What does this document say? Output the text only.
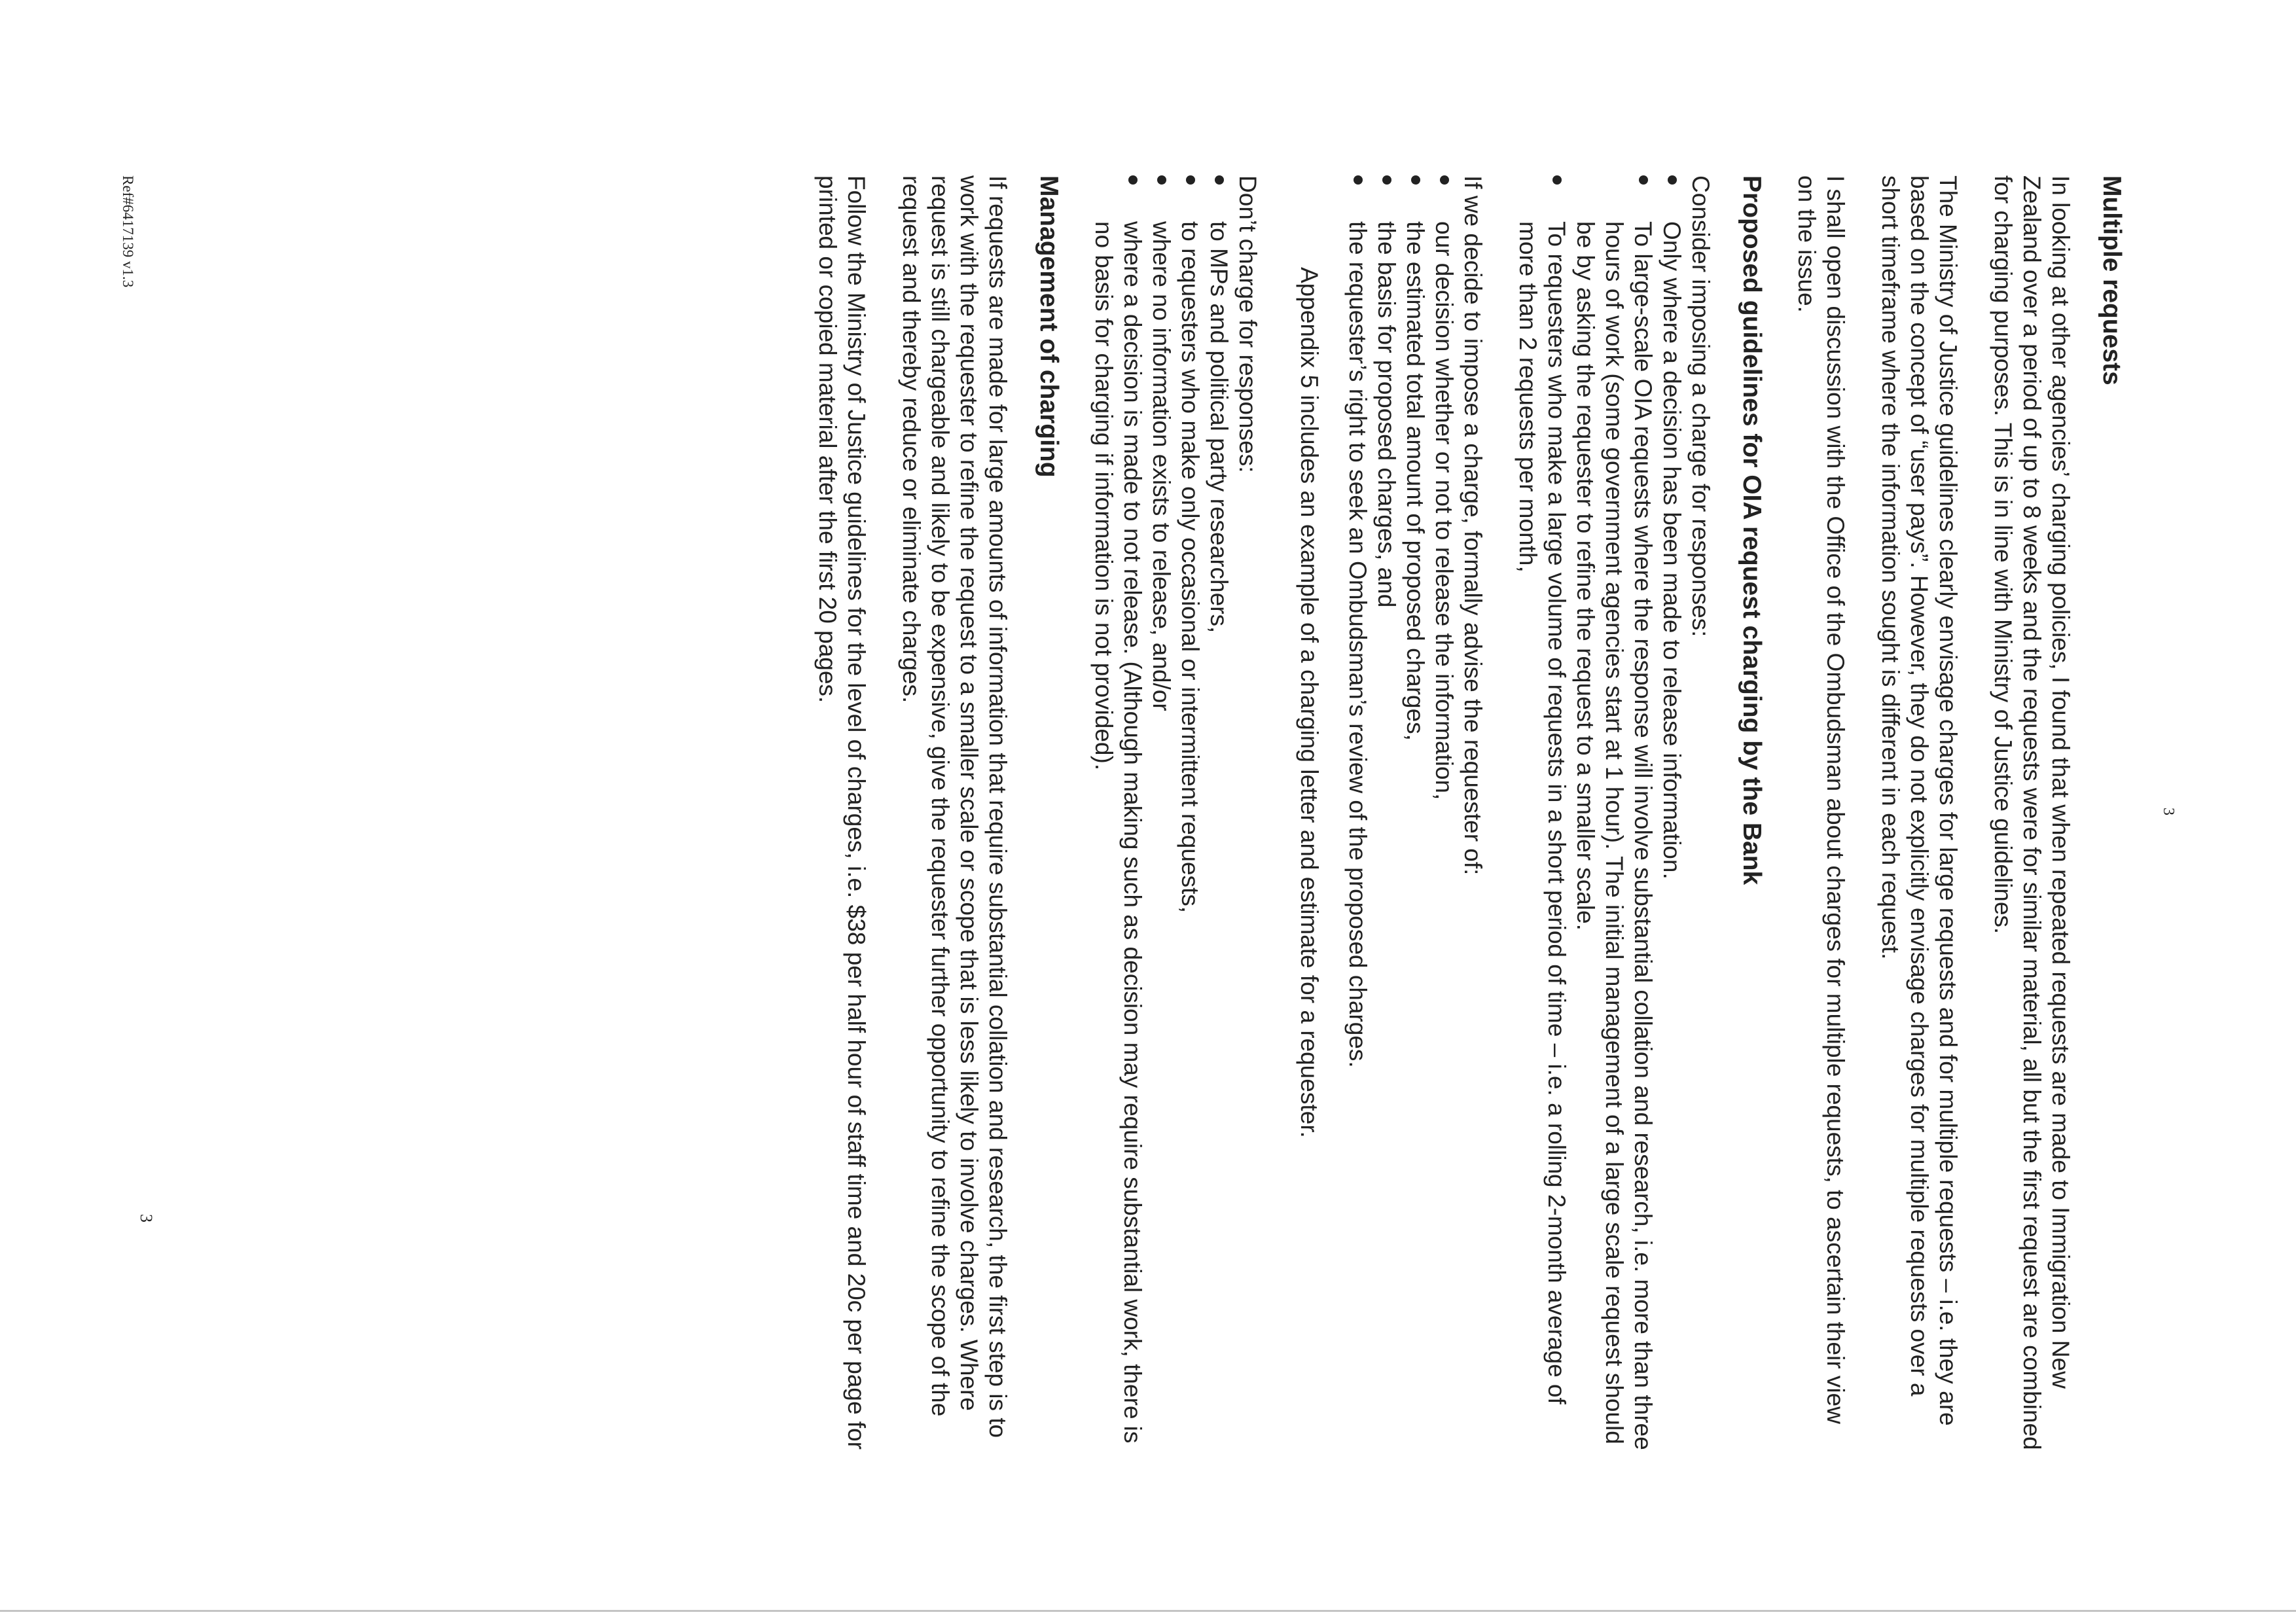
3
Multiple requests

In looking at other agencies’ charging policies, I found that when repeated requests are made to Immigration New Zealand over a period of up to 8 weeks and the requests were for similar material, all but the first request are combined for charging purposes. This is in line with Ministry of Justice guidelines.

The Ministry of Justice guidelines clearly envisage charges for large requests and for multiple requests – i.e. they are based on the concept of “user pays”. However, they do not explicitly envisage charges for multiple requests over a short timeframe where the information sought is different in each request.

I shall open discussion with the Office of the Ombudsman about charges for multiple requests, to ascertain their view on the issue.

Proposed guidelines for OIA request charging by the Bank

Consider imposing a charge for responses:

Only where a decision has been made to release information.
To large-scale OIA requests where the response will involve substantial collation and research, i.e. more than three hours of work (some government agencies start at 1 hour). The initial management of a large scale request should be by asking the requester to refine the request to a smaller scale.
To requesters who make a large volume of requests in a short period of time – i.e. a rolling 2-month average of more than 2 requests per month,

If we decide to impose a charge, formally advise the requester of:

our decision whether or not to release the information,
the estimated total amount of proposed charges,
the basis for proposed charges, and
the requester’s right to seek an Ombudsman’s review of the proposed charges.

Appendix 5 includes an example of a charging letter and estimate for a requester.

Don’t charge for responses:

to MPs and political party researchers,
to requesters who make only occasional or intermittent requests,
where no information exists to release, and/or
where a decision is made to not release. (Although making such as decision may require substantial work, there is no basis for charging if information is not provided).
Management of charging

If requests are made for large amounts of information that require substantial collation and research, the first step is to work with the requester to refine the request to a smaller scale or scope that is less likely to involve charges. Where request is still chargeable and likely to be expensive, give the requester further opportunity to refine the scope of the request and thereby reduce or eliminate charges.

Follow the Ministry of Justice guidelines for the level of charges, i.e. $38 per half hour of staff time and 20c per page for printed or copied material after the first 20 pages.

3
Ref#6417139 v1.3
